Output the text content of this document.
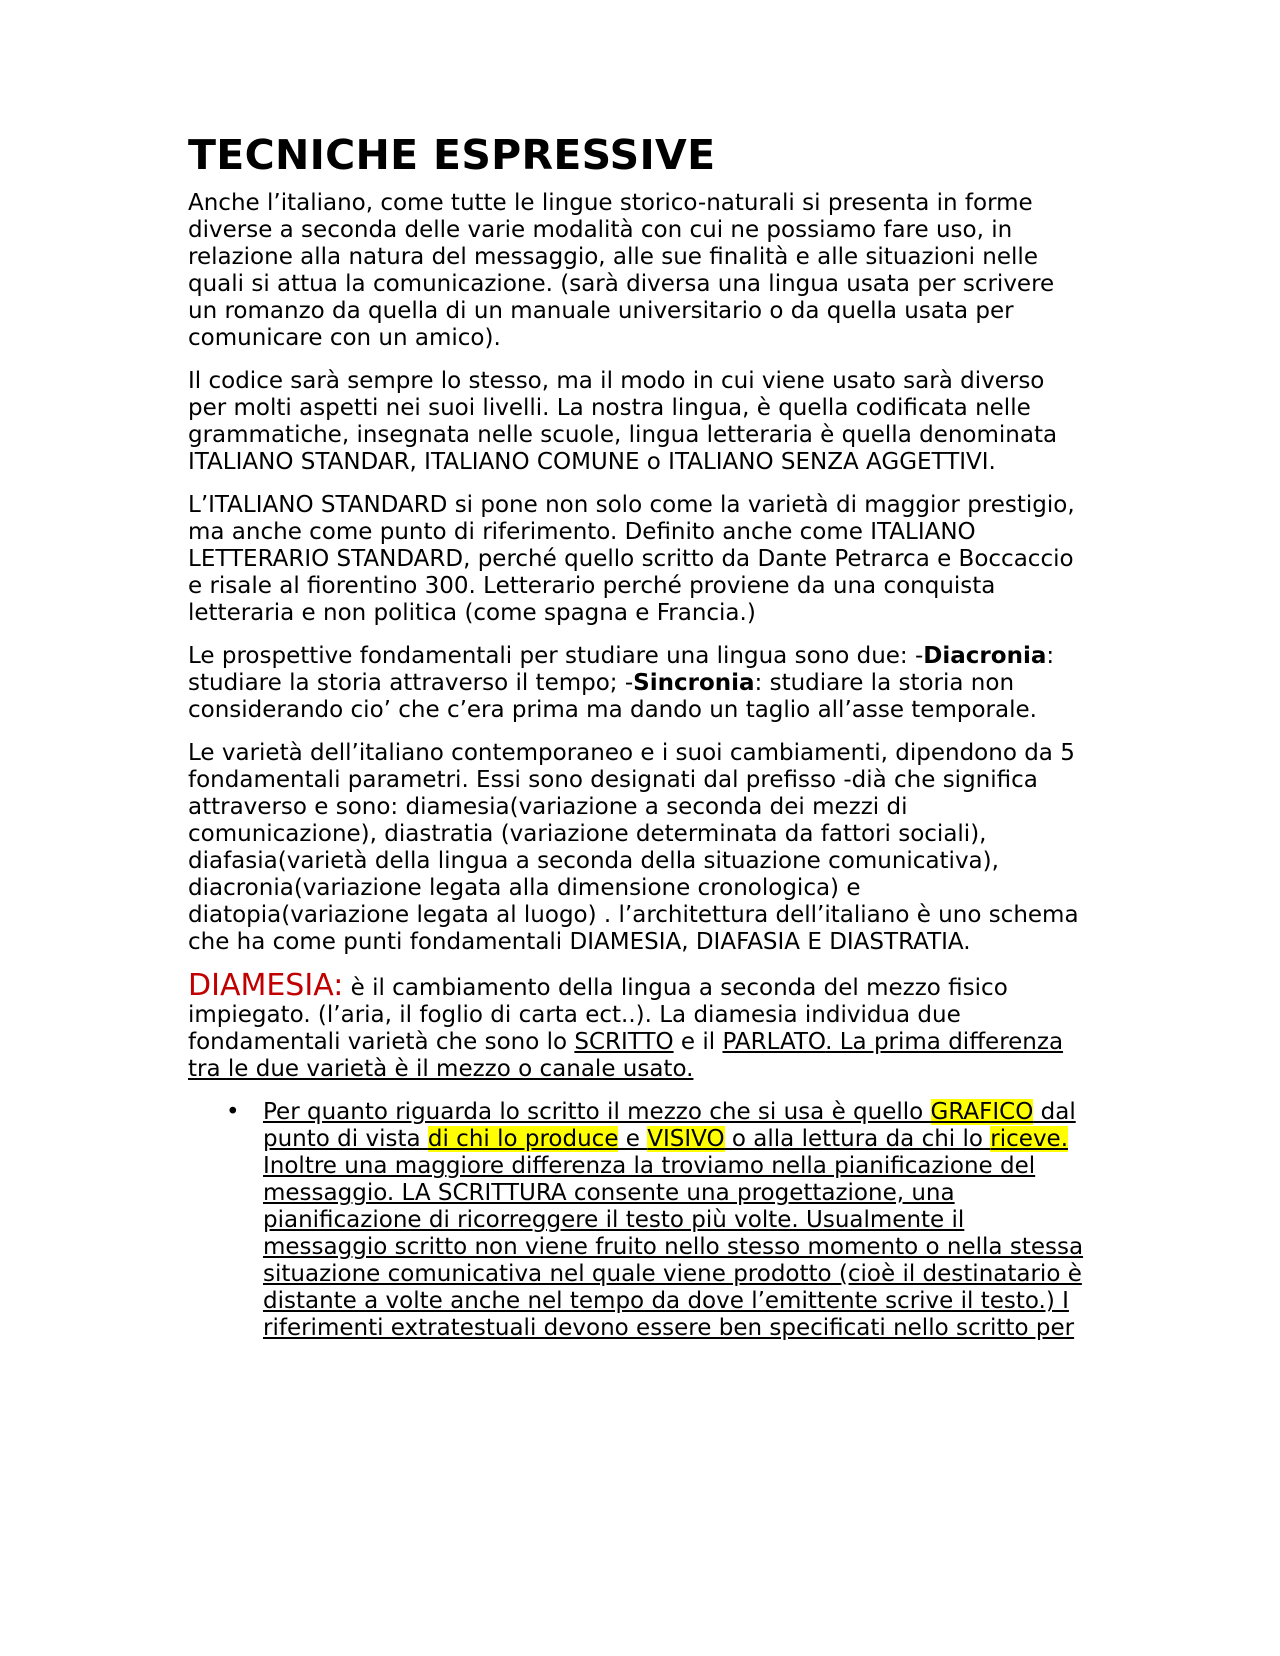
TECNICHE ESPRESSIVE

Anche l’italiano, come tutte le lingue storico-naturali si presenta in forme diverse a seconda delle varie modalità con cui ne possiamo fare uso, in relazione alla natura del messaggio, alle sue finalità e alle situazioni nelle quali si attua la comunicazione. (sarà diversa una lingua usata per scrivere un romanzo da quella di un manuale universitario o da quella usata per comunicare con un amico).

Il codice sarà sempre lo stesso, ma il modo in cui viene usato sarà diverso per molti aspetti nei suoi livelli. La nostra lingua, è quella codificata nelle grammatiche, insegnata nelle scuole, lingua letteraria è quella denominata ITALIANO STANDAR, ITALIANO COMUNE o ITALIANO SENZA AGGETTIVI.

L’ITALIANO STANDARD si pone non solo come la varietà di maggior prestigio, ma anche come punto di riferimento. Definito anche come ITALIANO LETTERARIO STANDARD, perché quello scritto da Dante Petrarca e Boccaccio e risale al fiorentino 300. Letterario perché proviene da una conquista letteraria e non politica (come spagna e Francia.)

Le prospettive fondamentali per studiare una lingua sono due: -Diacronia: studiare la storia attraverso il tempo; -Sincronia: studiare la storia non considerando cio’ che c’era prima ma dando un taglio all’asse temporale.

Le varietà dell’italiano contemporaneo e i suoi cambiamenti, dipendono da 5 fondamentali parametri. Essi sono designati dal prefisso -dià che significa attraverso e sono: diamesia(variazione a seconda dei mezzi di comunicazione), diastratia (variazione determinata da fattori sociali), diafasia(varietà della lingua a seconda della situazione comunicativa), diacronia(variazione legata alla dimensione cronologica) e diatopia(variazione legata al luogo) . l’architettura dell’italiano è uno schema che ha come punti fondamentali DIAMESIA, DIAFASIA E DIASTRATIA.

DIAMESIA: è il cambiamento della lingua a seconda del mezzo fisico impiegato. (l’aria, il foglio di carta ect..). La diamesia individua due fondamentali varietà che sono lo SCRITTO e il PARLATO. La prima differenza tra le due varietà è il mezzo o canale usato.

• Per quanto riguarda lo scritto il mezzo che si usa è quello GRAFICO dal punto di vista di chi lo produce e VISIVO o alla lettura da chi lo riceve. Inoltre una maggiore differenza la troviamo nella pianificazione del messaggio. LA SCRITTURA consente una progettazione, una pianificazione di ricorreggere il testo più volte. Usualmente il messaggio scritto non viene fruito nello stesso momento o nella stessa situazione comunicativa nel quale viene prodotto (cioè il destinatario è distante a volte anche nel tempo da dove l’emittente scrive il testo.) I riferimenti extratestuali devono essere ben specificati nello scritto per
